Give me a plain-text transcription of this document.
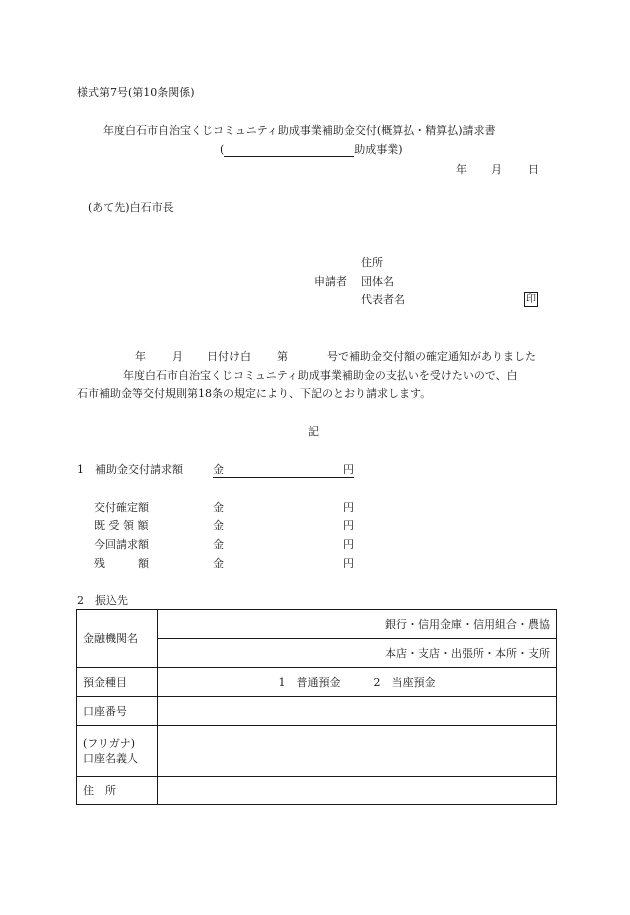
様式第7号(第10条関係)
年度白石市自治宝くじコミュニティ助成事業補助金交付(概算払・精算払)請求書
(	助成事業)
年 月 日
(あて先)白石市長
住所
申請者 団体名
代表者名	印
年 月 日付け白 第	号で補助金交付額の確定通知がありました
年度白石市自治宝くじコミュニティ助成事業補助金の支払いを受けたいので、白
石市補助金等交付規則第18条の規定により、下記のとおり請求します。
記
1　補助金交付請求額	金	円
交付確定額	金	円
既 受 領 額	金	円
今回請求額	金	円
残　　　額	金	円
2　振込先
金融機関名	銀行・信用金庫・信用組合・農協
	本店・支店・出張所・本所・支所
預金種目	1　普通預金　　　2　当座預金
口座番号	

(フリガナ)
口座名義人	

住　所	
